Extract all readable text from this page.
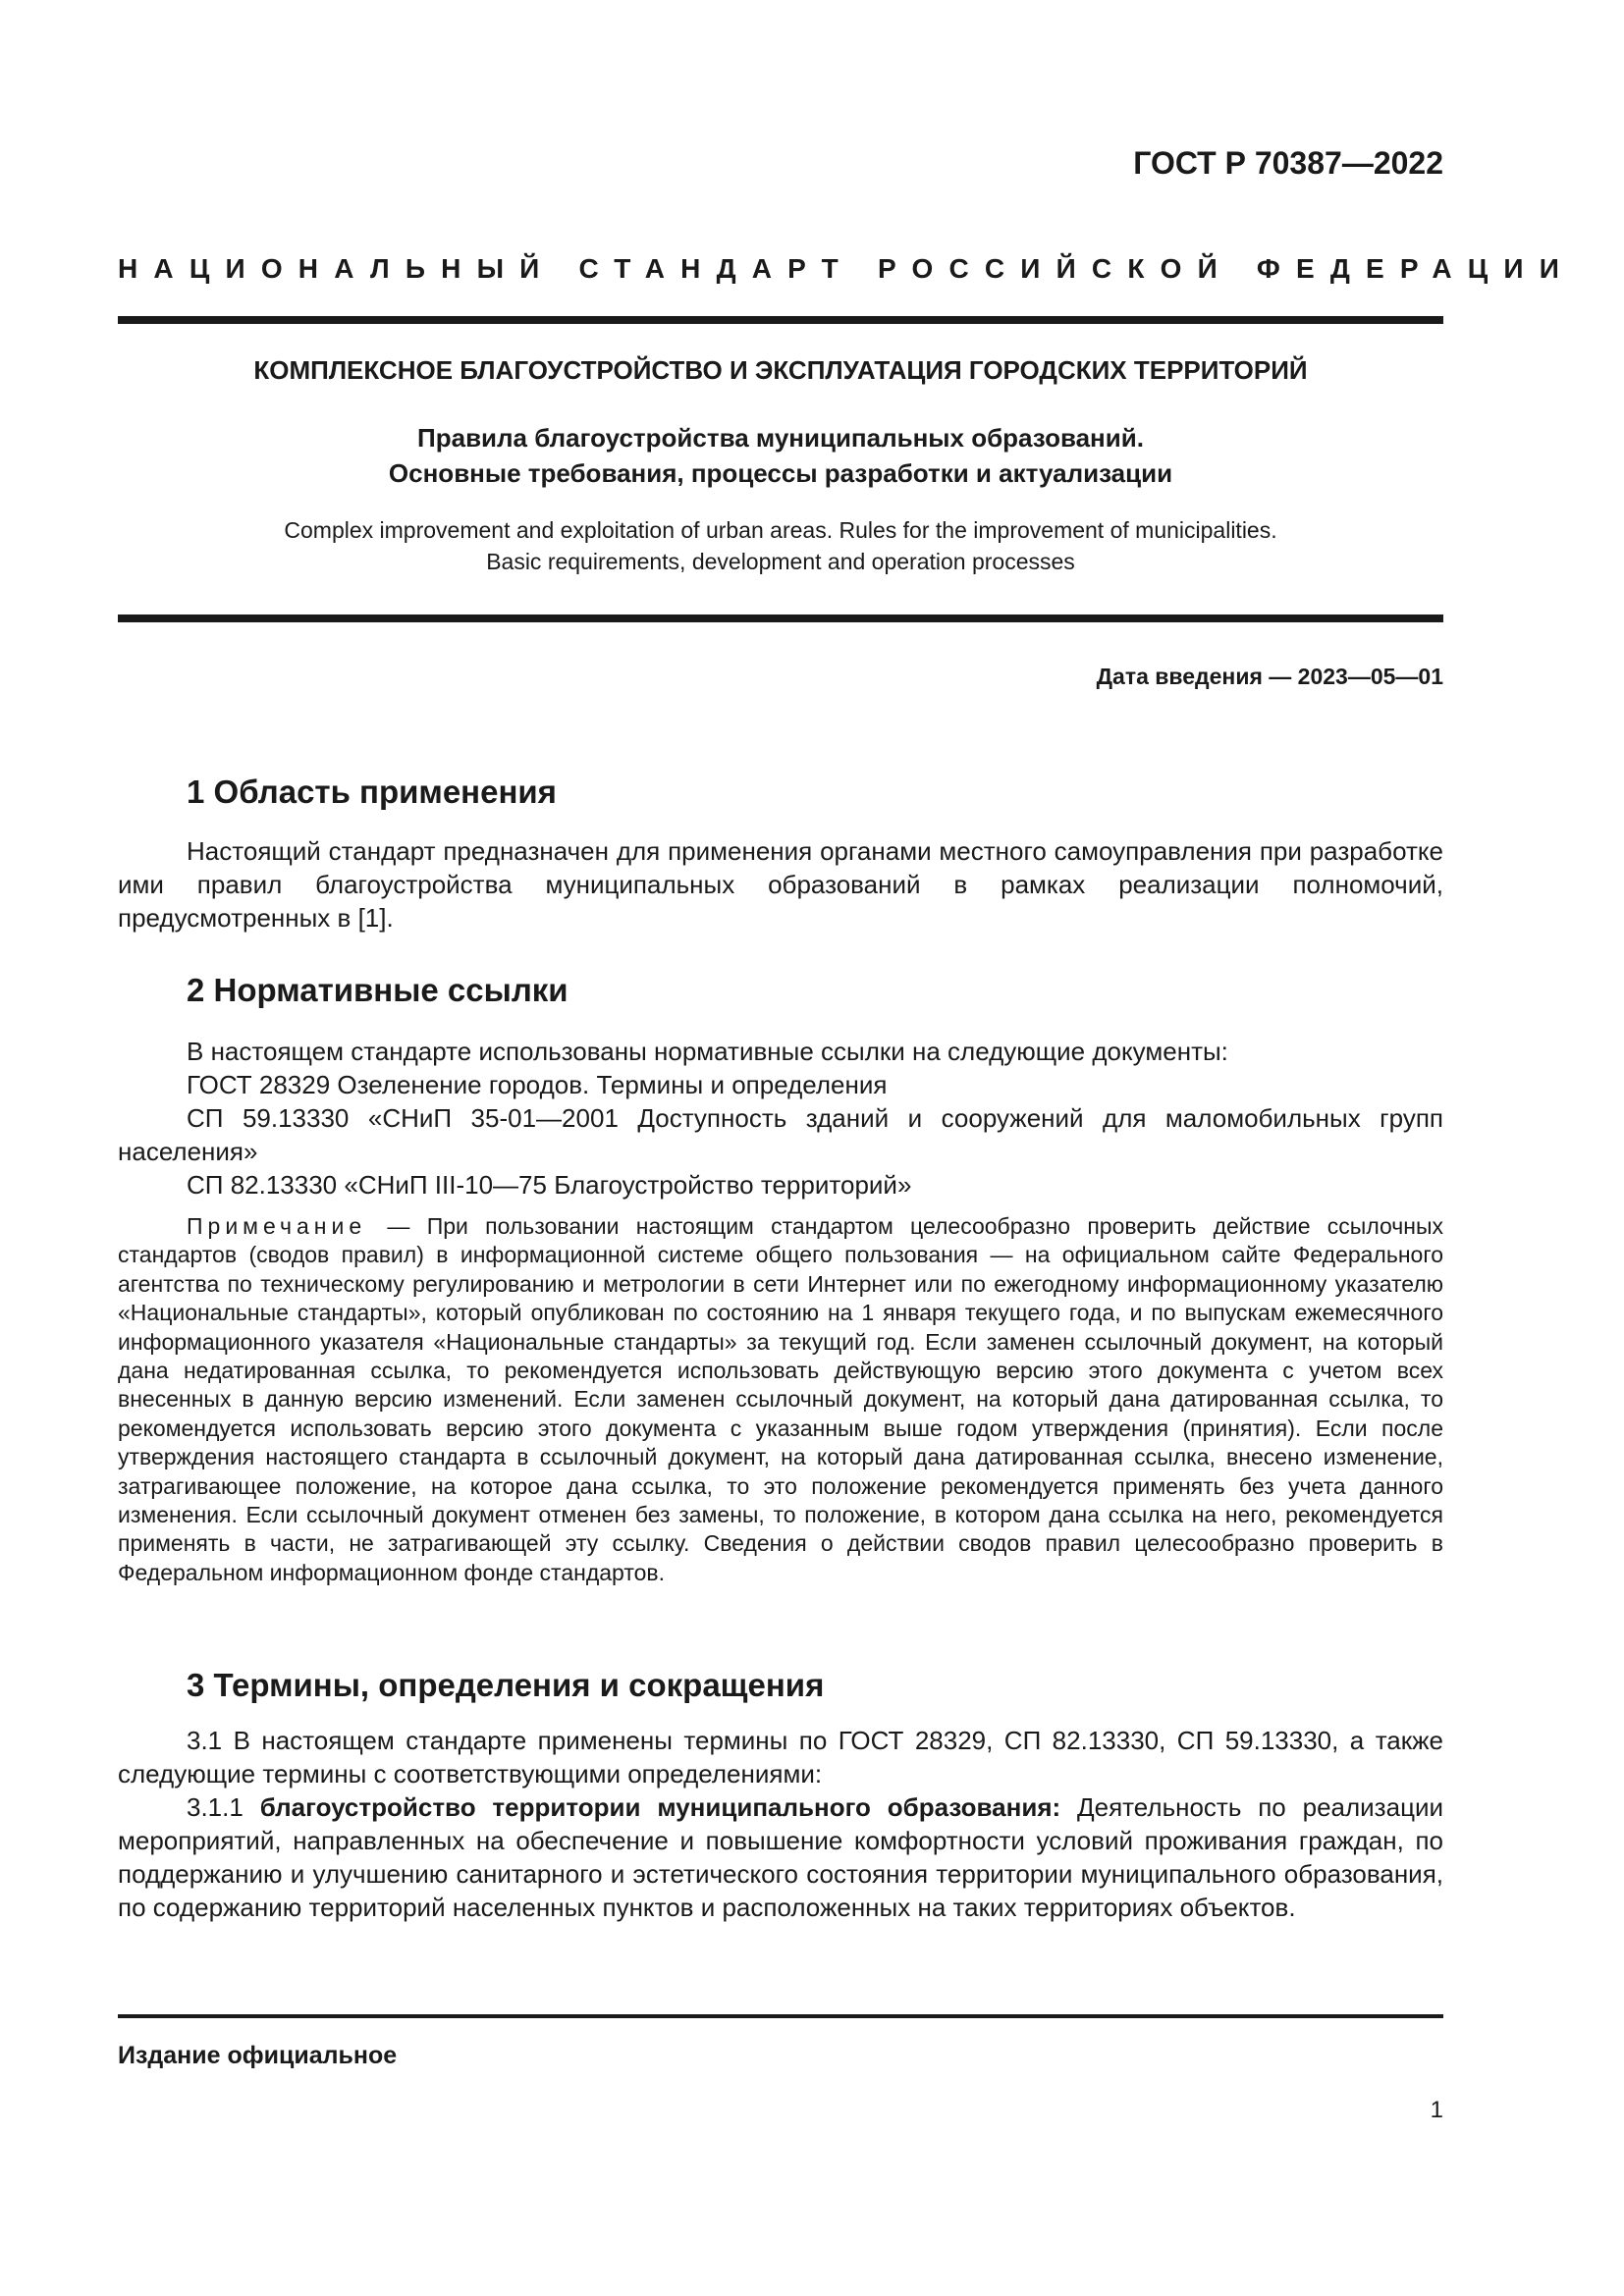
ГОСТ Р 70387—2022
НАЦИОНАЛЬНЫЙ СТАНДАРТ РОССИЙСКОЙ ФЕДЕРАЦИИ
КОМПЛЕКСНОЕ БЛАГОУСТРОЙСТВО И ЭКСПЛУАТАЦИЯ ГОРОДСКИХ ТЕРРИТОРИЙ
Правила благоустройства муниципальных образований.
Основные требования, процессы разработки и актуализации
Complex improvement and exploitation of urban areas. Rules for the improvement of municipalities.
Basic requirements, development and operation processes
Дата введения — 2023—05—01
1 Область применения

Настоящий стандарт предназначен для применения органами местного самоуправления при разработке ими правил благоустройства муниципальных образований в рамках реализации полномочий, предусмотренных в [1].

2 Нормативные ссылки

В настоящем стандарте использованы нормативные ссылки на следующие документы:

ГОСТ 28329 Озеленение городов. Термины и определения

СП 59.13330 «СНиП 35-01—2001 Доступность зданий и сооружений для маломобильных групп населения»

СП 82.13330 «СНиП III-10—75 Благоустройство территорий»

Примечание — При пользовании настоящим стандартом целесообразно проверить действие ссылочных стандартов (сводов правил) в информационной системе общего пользования — на официальном сайте Федерального агентства по техническому регулированию и метрологии в сети Интернет или по ежегодному информационному указателю «Национальные стандарты», который опубликован по состоянию на 1 января текущего года, и по выпускам ежемесячного информационного указателя «Национальные стандарты» за текущий год. Если заменен ссылочный документ, на который дана недатированная ссылка, то рекомендуется использовать действующую версию этого документа с учетом всех внесенных в данную версию изменений. Если заменен ссылочный документ, на который дана датированная ссылка, то рекомендуется использовать версию этого документа с указанным выше годом утверждения (принятия). Если после утверждения настоящего стандарта в ссылочный документ, на который дана датированная ссылка, внесено изменение, затрагивающее положение, на которое дана ссылка, то это положение рекомендуется применять без учета данного изменения. Если ссылочный документ отменен без замены, то положение, в котором дана ссылка на него, рекомендуется применять в части, не затрагивающей эту ссылку. Сведения о действии сводов правил целесообразно проверить в Федеральном информационном фонде стандартов.

3 Термины, определения и сокращения

3.1 В настоящем стандарте применены термины по ГОСТ 28329, СП 82.13330, СП 59.13330, а также следующие термины с соответствующими определениями:

3.1.1 благоустройство территории муниципального образования: Деятельность по реализации мероприятий, направленных на обеспечение и повышение комфортности условий проживания граждан, по поддержанию и улучшению санитарного и эстетического состояния территории муниципального образования, по содержанию территорий населенных пунктов и расположенных на таких территориях объектов.

Издание официальное
1
